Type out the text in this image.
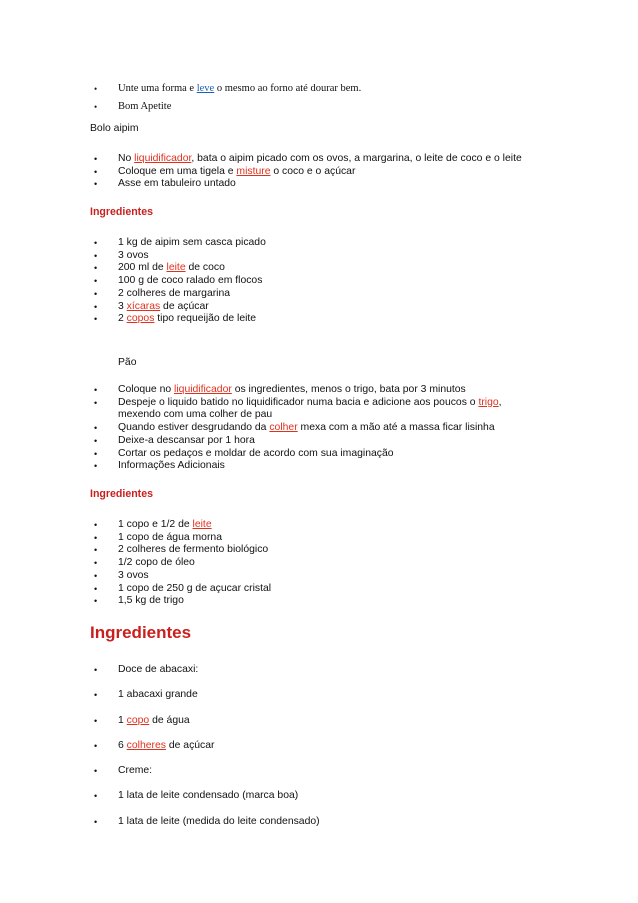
• Unte uma forma e leve o mesmo ao forno até dourar bem.
• Bom Apetite
Bolo aipim
• No liquidificador, bata o aipim picado com os ovos, a margarina, o leite de coco e o leite
• Coloque em uma tigela e misture o coco e o açúcar
• Asse em tabuleiro untado
Ingredientes
• 1 kg de aipim sem casca picado
• 3 ovos
• 200 ml de leite de coco
• 100 g de coco ralado em flocos
• 2 colheres de margarina
• 3 xícaras de açúcar
• 2 copos tipo requeijão de leite
Pão
• Coloque no liquidificador os ingredientes, menos o trigo, bata por 3 minutos
• Despeje o liquido batido no liquidificador numa bacia e adicione aos poucos o trigo,
mexendo com uma colher de pau
• Quando estiver desgrudando da colher mexa com a mão até a massa ficar lisinha
• Deixe-a descansar por 1 hora
• Cortar os pedaços e moldar de acordo com sua imaginação
• Informações Adicionais
Ingredientes
• 1 copo e 1/2 de leite
• 1 copo de água morna
• 2 colheres de fermento biológico
• 1/2 copo de óleo
• 3 ovos
• 1 copo de 250 g de açucar cristal
• 1,5 kg de trigo
Ingredientes
• Doce de abacaxi:
• 1 abacaxi grande
• 1 copo de água
• 6 colheres de açúcar
• Creme:
• 1 lata de leite condensado (marca boa)
• 1 lata de leite (medida do leite condensado)
